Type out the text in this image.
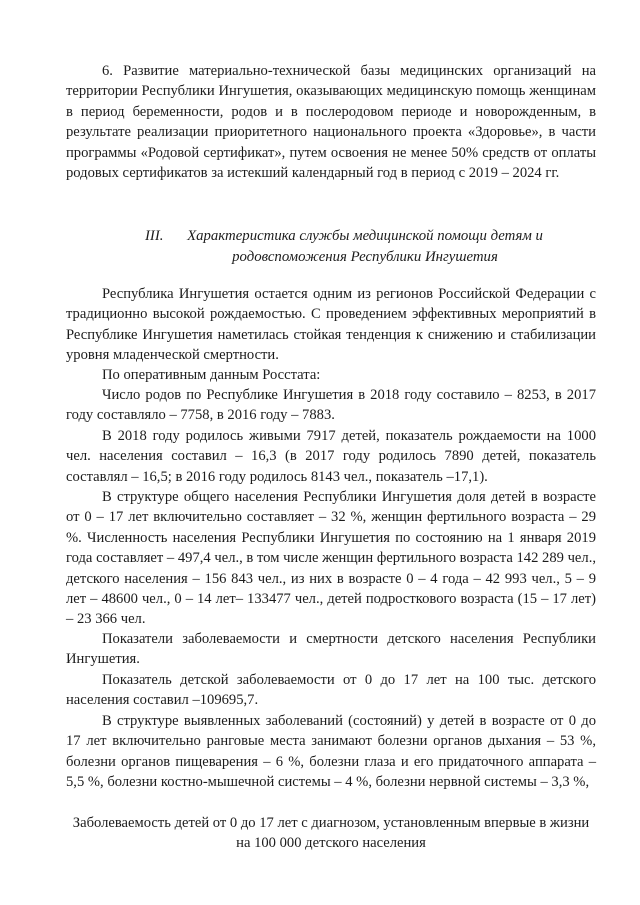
6. Развитие материально-технической базы медицинских организаций на территории Республики Ингушетия, оказывающих медицинскую помощь женщинам в период беременности, родов и в послеродовом периоде и новорожденным, в результате реализации приоритетного национального проекта «Здоровье», в части программы «Родовой сертификат», путем освоения не менее 50% средств от оплаты родовых сертификатов за истекший календарный год в период с 2019 – 2024 гг.

III.	Характеристика службы медицинской помощи детям и родовспоможения Республики Ингушетия

Республика Ингушетия остается одним из регионов Российской Федерации с традиционно высокой рождаемостью. С проведением эффективных мероприятий в Республике Ингушетия наметилась стойкая тенденция к снижению и стабилизации уровня младенческой смертности.

По оперативным данным Росстата:

Число родов по Республике Ингушетия в 2018 году составило – 8253, в 2017 году составляло – 7758, в 2016 году – 7883.

В 2018 году родилось живыми 7917 детей, показатель рождаемости на 1000 чел. населения составил – 16,3 (в 2017 году родилось 7890 детей, показатель составлял – 16,5; в 2016 году родилось 8143 чел., показатель –17,1).

В структуре общего населения Республики Ингушетия доля детей в возрасте от 0 – 17 лет включительно составляет – 32 %, женщин фертильного возраста – 29 %. Численность населения Республики Ингушетия по состоянию на 1 января 2019 года составляет – 497,4 чел., в том числе женщин фертильного возраста 142 289 чел., детского населения – 156 843 чел., из них в возрасте 0 – 4 года – 42 993 чел., 5 – 9 лет – 48600 чел., 0 – 14 лет– 133477 чел., детей подросткового возраста (15 – 17 лет) – 23 366 чел.

Показатели заболеваемости и смертности детского населения Республики Ингушетия.

Показатель детской заболеваемости от 0 до 17 лет на 100 тыс. детского населения составил –109695,7.

В структуре выявленных заболеваний (состояний) у детей в возрасте от 0 до 17 лет включительно ранговые места занимают болезни органов дыхания – 53 %, болезни органов пищеварения – 6 %, болезни глаза и его придаточного аппарата – 5,5 %, болезни костно-мышечной системы – 4 %, болезни нервной системы – 3,3 %,

Заболеваемость детей от 0 до 17 лет с диагнозом, установленным впервые в жизни на 100 000 детского населения
